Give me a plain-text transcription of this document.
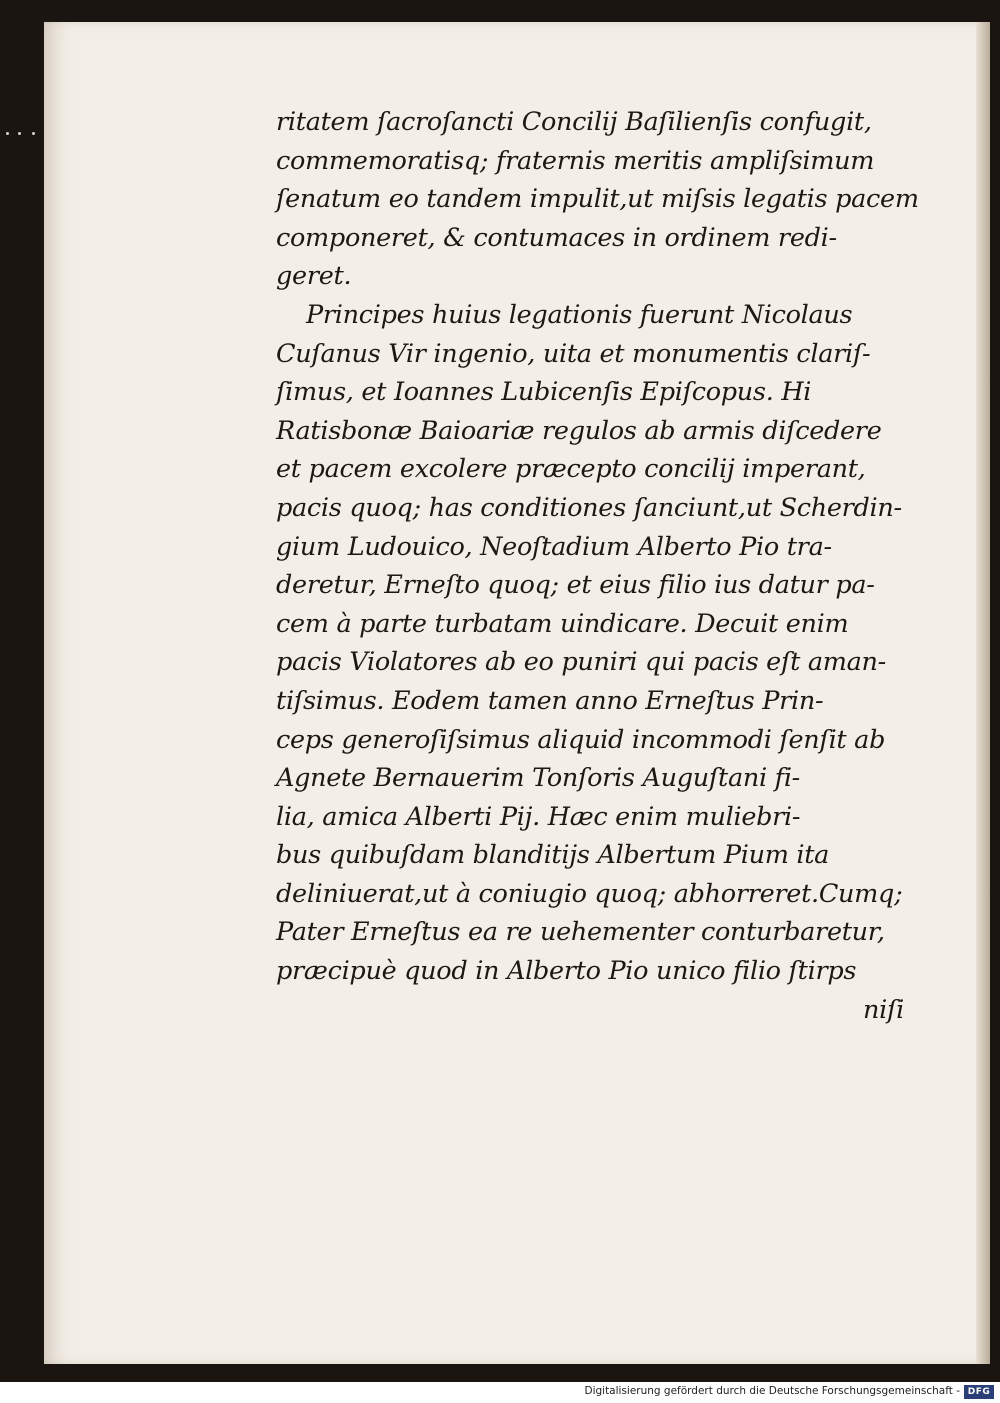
ritatem ſacroſancti Concilij Baſilienſis confugit,
commemoratisq; fraternis meritis ampliſsimum
ſenatum eo tandem impulit,ut miſsis legatis pacem
componeret, & contumaces in ordinem redi-
geret.
Principes huius legationis fuerunt Nicolaus
Cuſanus Vir ingenio, uita et monumentis clariſ-
ſimus, et Ioannes Lubicenſis Epiſcopus. Hi
Ratisbonæ Baioariæ regulos ab armis diſcedere
et pacem excolere præcepto concilij imperant,
pacis quoq; has conditiones ſanciunt,ut Scherdin-
gium Ludouico, Neoſtadium Alberto Pio tra-
deretur, Erneſto quoq; et eius filio ius datur pa-
cem à parte turbatam uindicare. Decuit enim
pacis Violatores ab eo puniri qui pacis eſt aman-
tiſsimus. Eodem tamen anno Erneſtus Prin-
ceps generoſiſsimus aliquid incommodi ſenſit ab
Agnete Bernauerim Tonſoris Auguſtani fi-
lia, amica Alberti Pij. Hæc enim muliebri-
bus quibuſdam blanditijs Albertum Pium ita
deliniuerat,ut à coniugio quoq; abhorreret.Cumq;
Pater Erneſtus ea re uehementer conturbaretur,
præcipuè quod in Alberto Pio unico filio ſtirps
niſi
Digitalisierung gefördert durch die Deutsche Forschungsgemeinschaft - DFG
